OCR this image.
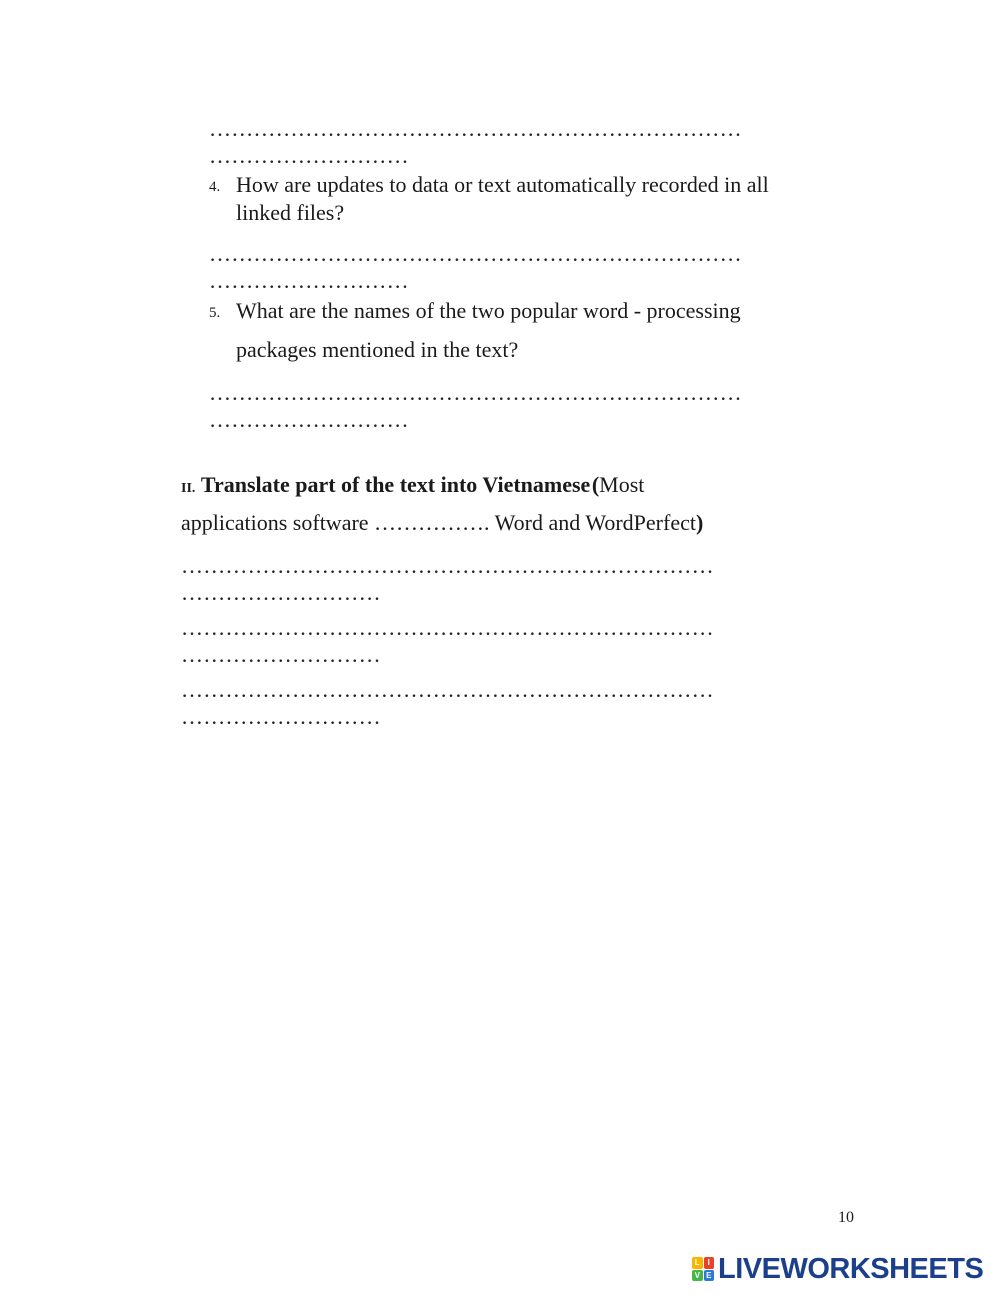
………………………………………………………………
………………………
4. How are updates to data or text automatically recorded in all
linked files?
………………………………………………………………
………………………
5. What are the names of the two popular word - processing
packages mentioned in the text?
………………………………………………………………
………………………
II. Translate part of the text into Vietnamese (Most
applications software ……………. Word and WordPerfect)
………………………………………………………………
………………………
………………………………………………………………
………………………
………………………………………………………………
………………………
10
L I
V E LIVEWORKSHEETS
